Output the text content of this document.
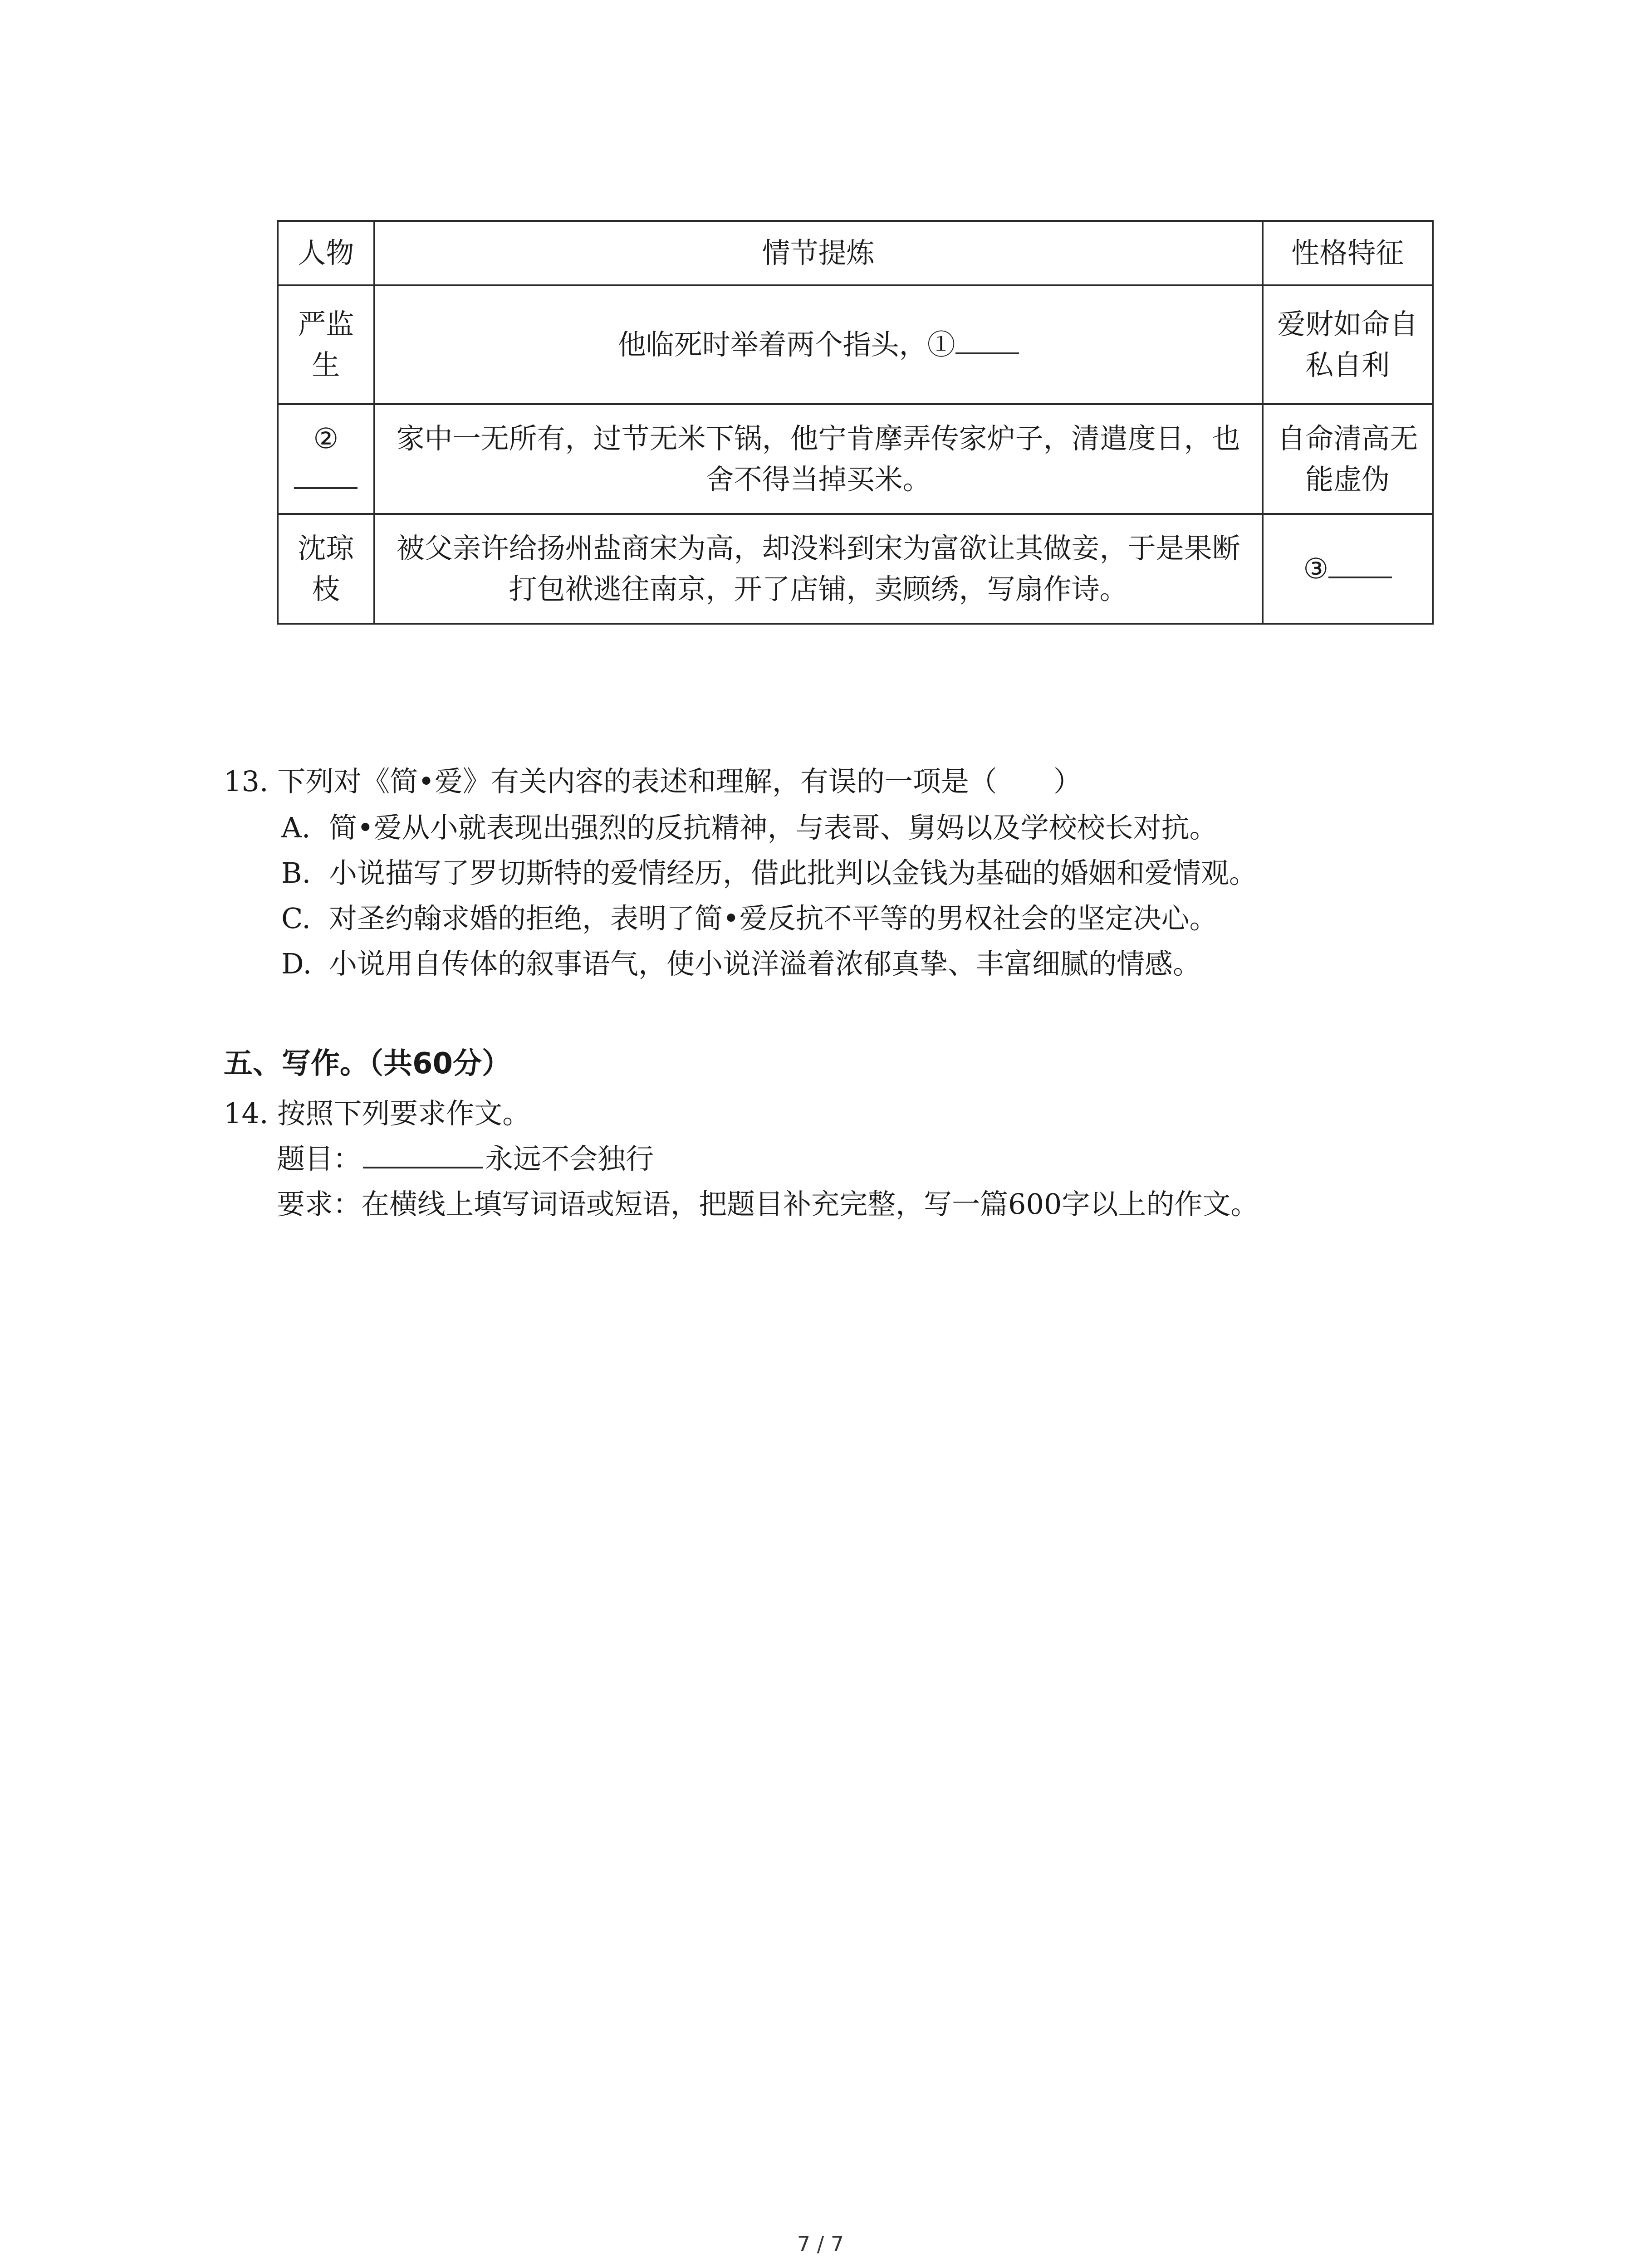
人物	情节提炼	性格特征
严监生	他临死时举着两个指头，①	爱财如命自私自利
②	家中一无所有，过节无米下锅，他宁肯摩弄传家炉子，清遣度日，也舍不得当掉买米。	自命清高无能虚伪
沈琼枝	被父亲许给扬州盐商宋为高，却没料到宋为富欲让其做妾，于是果断打包袱逃往南京，开了店铺，卖顾绣，写扇作诗。	③
13. 下列对《简•爱》有关内容的表述和理解，有误的一项是（　　）
A. 简•爱从小就表现出强烈的反抗精神，与表哥、舅妈以及学校校长对抗。
B. 小说描写了罗切斯特的爱情经历，借此批判以金钱为基础的婚姻和爱情观。
C. 对圣约翰求婚的拒绝，表明了简•爱反抗不平等的男权社会的坚定决心。
D. 小说用自传体的叙事语气，使小说洋溢着浓郁真挚、丰富细腻的情感。
五、写作。（共60分）
14. 按照下列要求作文。
题目：	永远不会独行
要求：在横线上填写词语或短语，把题目补充完整，写一篇600字以上的作文。
7 / 7
